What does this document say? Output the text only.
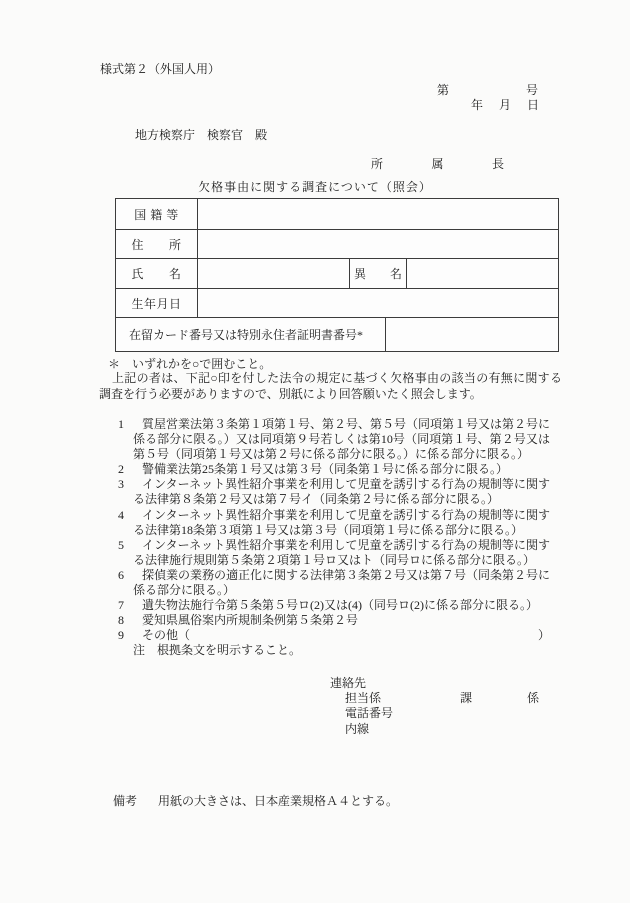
様式第２（外国人用）
第	号
年 月 日
地方検察庁　検察官　殿
所	属	長
欠格事由に関する調査について（照会）
国 籍 等
住　　所
氏　　名	異　　名
生年月日
在留カード番号又は特別永住者証明書番号*
＊　いずれかを○で囲むこと。
上記の者は、下記○印を付した法令の規定に基づく欠格事由の該当の有無に関する調査を行う必要がありますので、別紙により回答願いたく照会します。
1 質屋営業法第３条第１項第１号、第２号、第５号（同項第１号又は第２号に係る部分に限る。）又は同項第９号若しくは第10号（同項第１号、第２号又は第５号（同項第１号又は第２号に係る部分に限る。）に係る部分に限る。）
2 警備業法第25条第１号又は第３号（同条第１号に係る部分に限る。）
3 インターネット異性紹介事業を利用して児童を誘引する行為の規制等に関する法律第８条第２号又は第７号イ（同条第２号に係る部分に限る。）
4 インターネット異性紹介事業を利用して児童を誘引する行為の規制等に関する法律第18条第３項第１号又は第３号（同項第１号に係る部分に限る。）
5 インターネット異性紹介事業を利用して児童を誘引する行為の規制等に関する法律施行規則第５条第２項第１号ロ又はト（同号ロに係る部分に限る。）
6 探偵業の業務の適正化に関する法律第３条第２号又は第７号（同条第２号に係る部分に限る。）
7 遺失物法施行令第５条第５号ロ(2)又は(4)（同号ロ(2)に係る部分に限る。）
8 愛知県風俗案内所規制条例第５条第２号
9 その他（	）
注　根拠条文を明示すること。
連絡先
担当係	課	係
電話番号
内線
備考 用紙の大きさは、日本産業規格Ａ４とする。
